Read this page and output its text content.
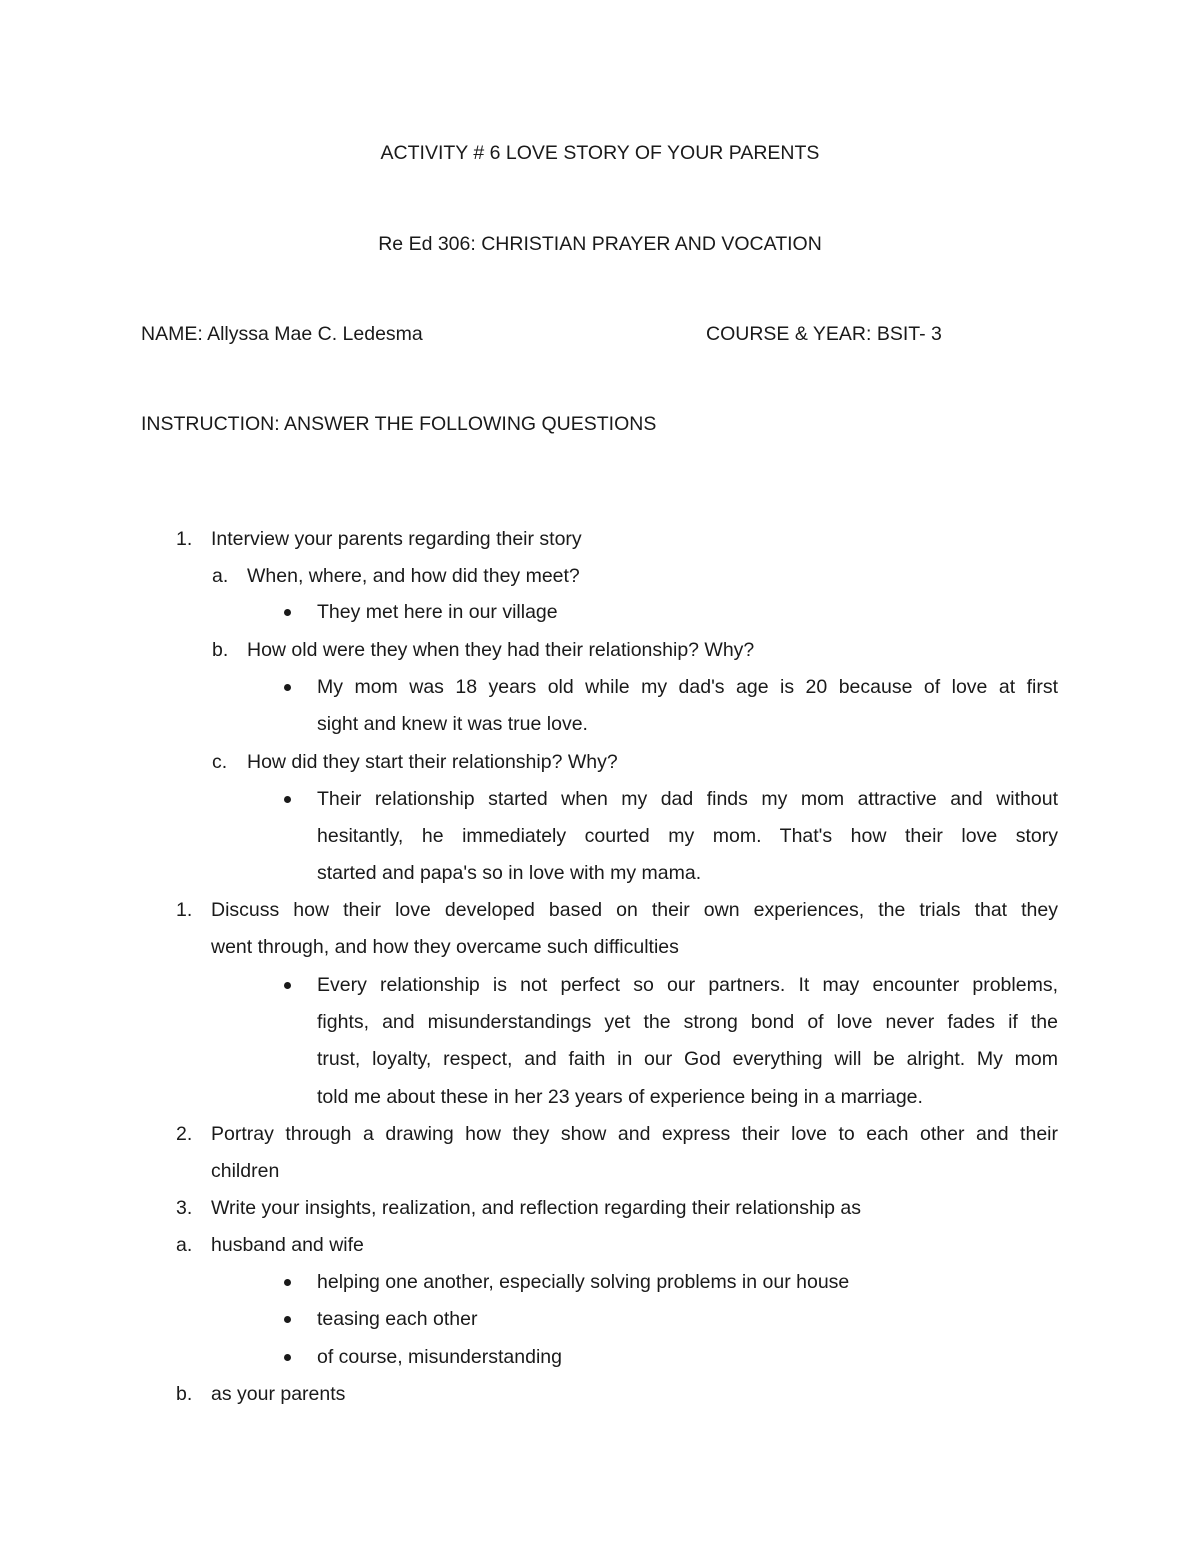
ACTIVITY # 6 LOVE STORY OF YOUR PARENTS
Re Ed 306: CHRISTIAN PRAYER AND VOCATION
NAME: Allyssa Mae C. Ledesma	COURSE & YEAR: BSIT- 3
INSTRUCTION: ANSWER THE FOLLOWING QUESTIONS
1. Interview your parents regarding their story
a. When, where, and how did they meet?
They met here in our village
b. How old were they when they had their relationship? Why?
My mom was 18 years old while my dad's age is 20 because of love at first
sight and knew it was true love.
c. How did they start their relationship? Why?
Their relationship started when my dad finds my mom attractive and without
hesitantly, he immediately courted my mom. That's how their love story
started and papa's so in love with my mama.
1. Discuss how their love developed based on their own experiences, the trials that they
went through, and how they overcame such difficulties
Every relationship is not perfect so our partners. It may encounter problems,
fights, and misunderstandings yet the strong bond of love never fades if the
trust, loyalty, respect, and faith in our God everything will be alright. My mom
told me about these in her 23 years of experience being in a marriage.
2. Portray through a drawing how they show and express their love to each other and their
children
3. Write your insights, realization, and reflection regarding their relationship as
a. husband and wife
helping one another, especially solving problems in our house
teasing each other
of course, misunderstanding
b. as your parents
